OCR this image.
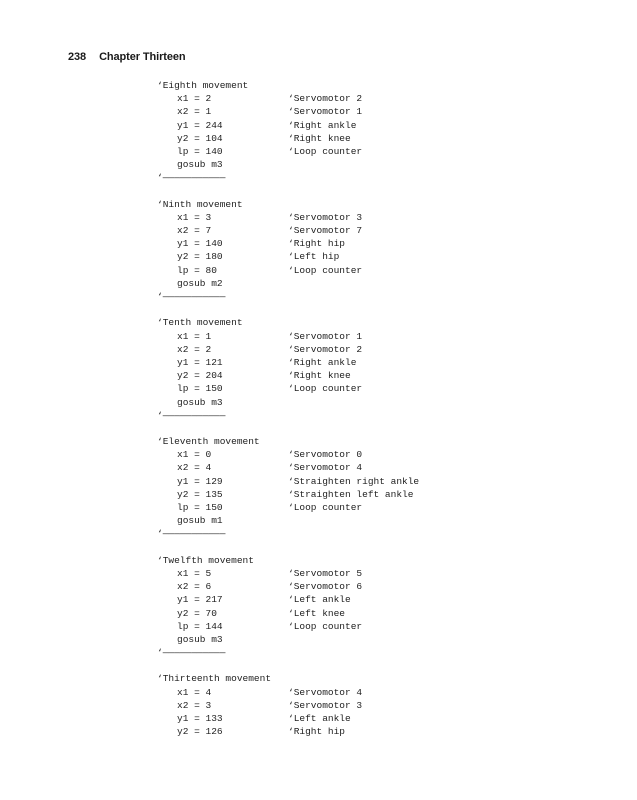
238 Chapter Thirteen
‘Eighth movement
x1 = 2	‘Servomotor 2
x2 = 1	‘Servomotor 1
y1 = 244	‘Right ankle
y2 = 104	‘Right knee
lp = 140	‘Loop counter
gosub m3
‘———————————
‘Ninth movement
x1 = 3	‘Servomotor 3
x2 = 7	‘Servomotor 7
y1 = 140	‘Right hip
y2 = 180	‘Left hip
lp = 80	‘Loop counter
gosub m2
‘———————————
‘Tenth movement
x1 = 1	‘Servomotor 1
x2 = 2	‘Servomotor 2
y1 = 121	‘Right ankle
y2 = 204	‘Right knee
lp = 150	‘Loop counter
gosub m3
‘———————————
‘Eleventh movement
x1 = 0	‘Servomotor 0
x2 = 4	‘Servomotor 4
y1 = 129	‘Straighten right ankle
y2 = 135	‘Straighten left ankle
lp = 150	‘Loop counter
gosub m1
‘———————————
‘Twelfth movement
x1 = 5	‘Servomotor 5
x2 = 6	‘Servomotor 6
y1 = 217	‘Left ankle
y2 = 70	‘Left knee
lp = 144	‘Loop counter
gosub m3
‘———————————
‘Thirteenth movement
x1 = 4	‘Servomotor 4
x2 = 3	‘Servomotor 3
y1 = 133	‘Left ankle
y2 = 126	‘Right hip
